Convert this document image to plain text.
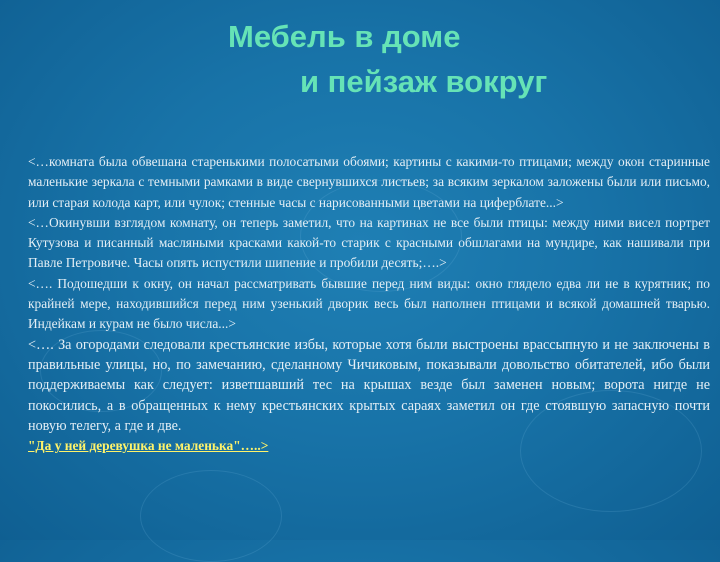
Мебель в доме
и пейзаж вокруг

<…комната была обвешана старенькими полосатыми обоями; картины с какими-то птицами; между окон старинные маленькие зеркала с темными рамками в виде свернувшихся листьев; за всяким зеркалом заложены были или письмо, или старая колода карт, или чулок; стенные часы с нарисованными цветами на циферблате...>

<…Окинувши взглядом комнату, он теперь заметил, что на картинах не все были птицы: между ними висел портрет Кутузова и писанный масляными красками какой-то старик с красными обшлагами на мундире, как нашивали при Павле Петровиче. Часы опять испустили шипение и пробили десять;….>

<…. Подошедши к окну, он начал рассматривать бывшие перед ним виды: окно глядело едва ли не в курятник; по крайней мере, находившийся перед ним узенький дворик весь был наполнен птицами и всякой домашней тварью. Индейкам и курам не было числа...>

<…. За огородами следовали крестьянские избы, которые хотя были выстроены врассыпную и не заключены в правильные улицы, но, по замечанию, сделанному Чичиковым, показывали довольство обитателей, ибо были поддерживаемы как следует: изветшавший тес на крышах везде был заменен новым; ворота нигде не покосились, а в обращенных к нему крестьянских крытых сараях заметил он где стоявшую запасную почти новую телегу, а где и две.

"Да у ней деревушка не маленька"…..>
